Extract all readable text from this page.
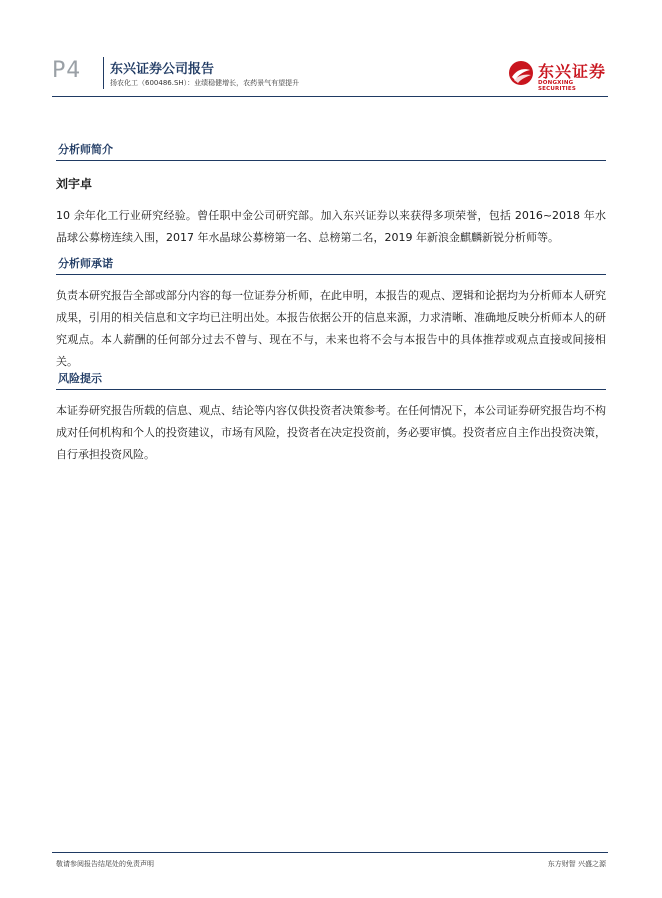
P4 东兴证券公司报告
扬农化工（600486.SH）：业绩稳健增长，农药景气有望提升
东兴证券
DONGXING SECURITIES
分析师简介
刘宇卓
10 余年化工行业研究经验。曾任职中金公司研究部。加入东兴证券以来获得多项荣誉，包括 2016~2018 年水晶球公募榜连续入围，2017 年水晶球公募榜第一名、总榜第二名，2019 年新浪金麒麟新锐分析师等。
分析师承诺
负责本研究报告全部或部分内容的每一位证券分析师，在此申明，本报告的观点、逻辑和论据均为分析师本人研究成果，引用的相关信息和文字均已注明出处。本报告依据公开的信息来源，力求清晰、准确地反映分析师本人的研究观点。本人薪酬的任何部分过去不曾与、现在不与，未来也将不会与本报告中的具体推荐或观点直接或间接相关。
风险提示
本证券研究报告所载的信息、观点、结论等内容仅供投资者决策参考。在任何情况下，本公司证券研究报告均不构成对任何机构和个人的投资建议，市场有风险，投资者在决定投资前，务必要审慎。投资者应自主作出投资决策，自行承担投资风险。
敬请参阅报告结尾处的免责声明	东方财智 兴盛之源
